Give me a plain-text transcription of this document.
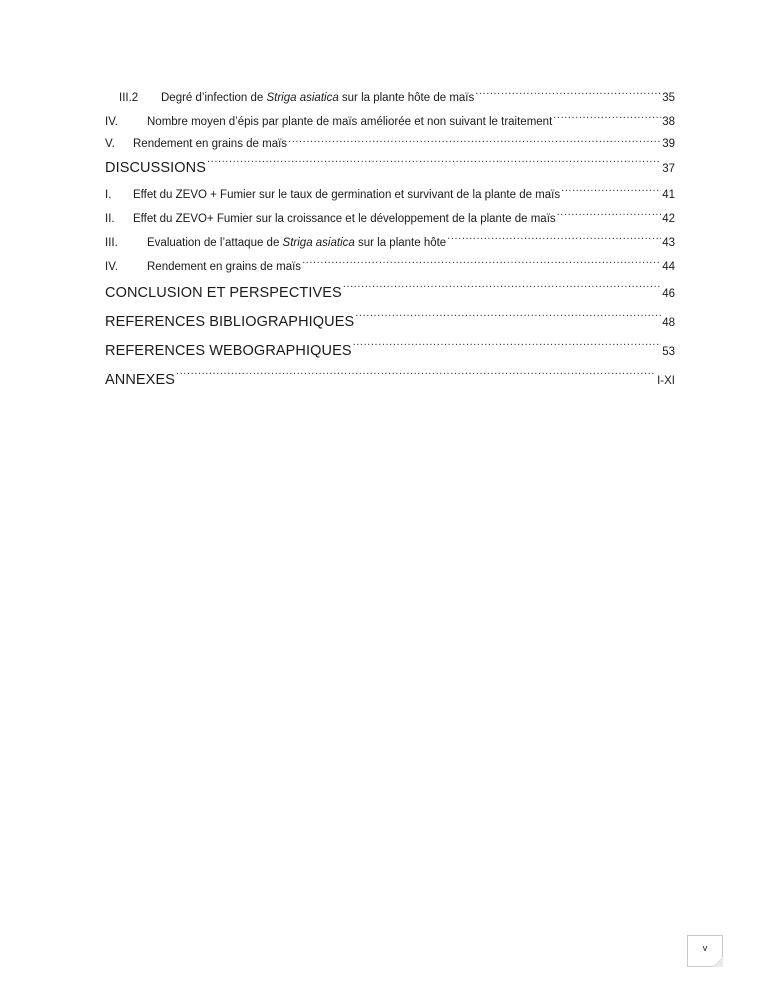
III.2	Degré d’infection de Striga asiatica sur la plante hôte de maïs .....	35
IV.	Nombre moyen d’épis par plante de maïs améliorée et non suivant le traitement .....	38
V.	Rendement en grains de maïs .....	39
DISCUSSIONS .....	37
I.	Effet du ZEVO + Fumier sur le taux de germination et survivant de la plante de maïs .....	41
II.	Effet du ZEVO+ Fumier sur la croissance et le développement de la plante de maïs .....	42
III.	Evaluation de l’attaque de Striga asiatica sur la plante hôte .....	43
IV.	Rendement en grains de maïs .....	44
CONCLUSION ET PERSPECTIVES .....	46
REFERENCES BIBLIOGRAPHIQUES .....	48
REFERENCES WEBOGRAPHIQUES .....	53
ANNEXES .....	I-XI
v
